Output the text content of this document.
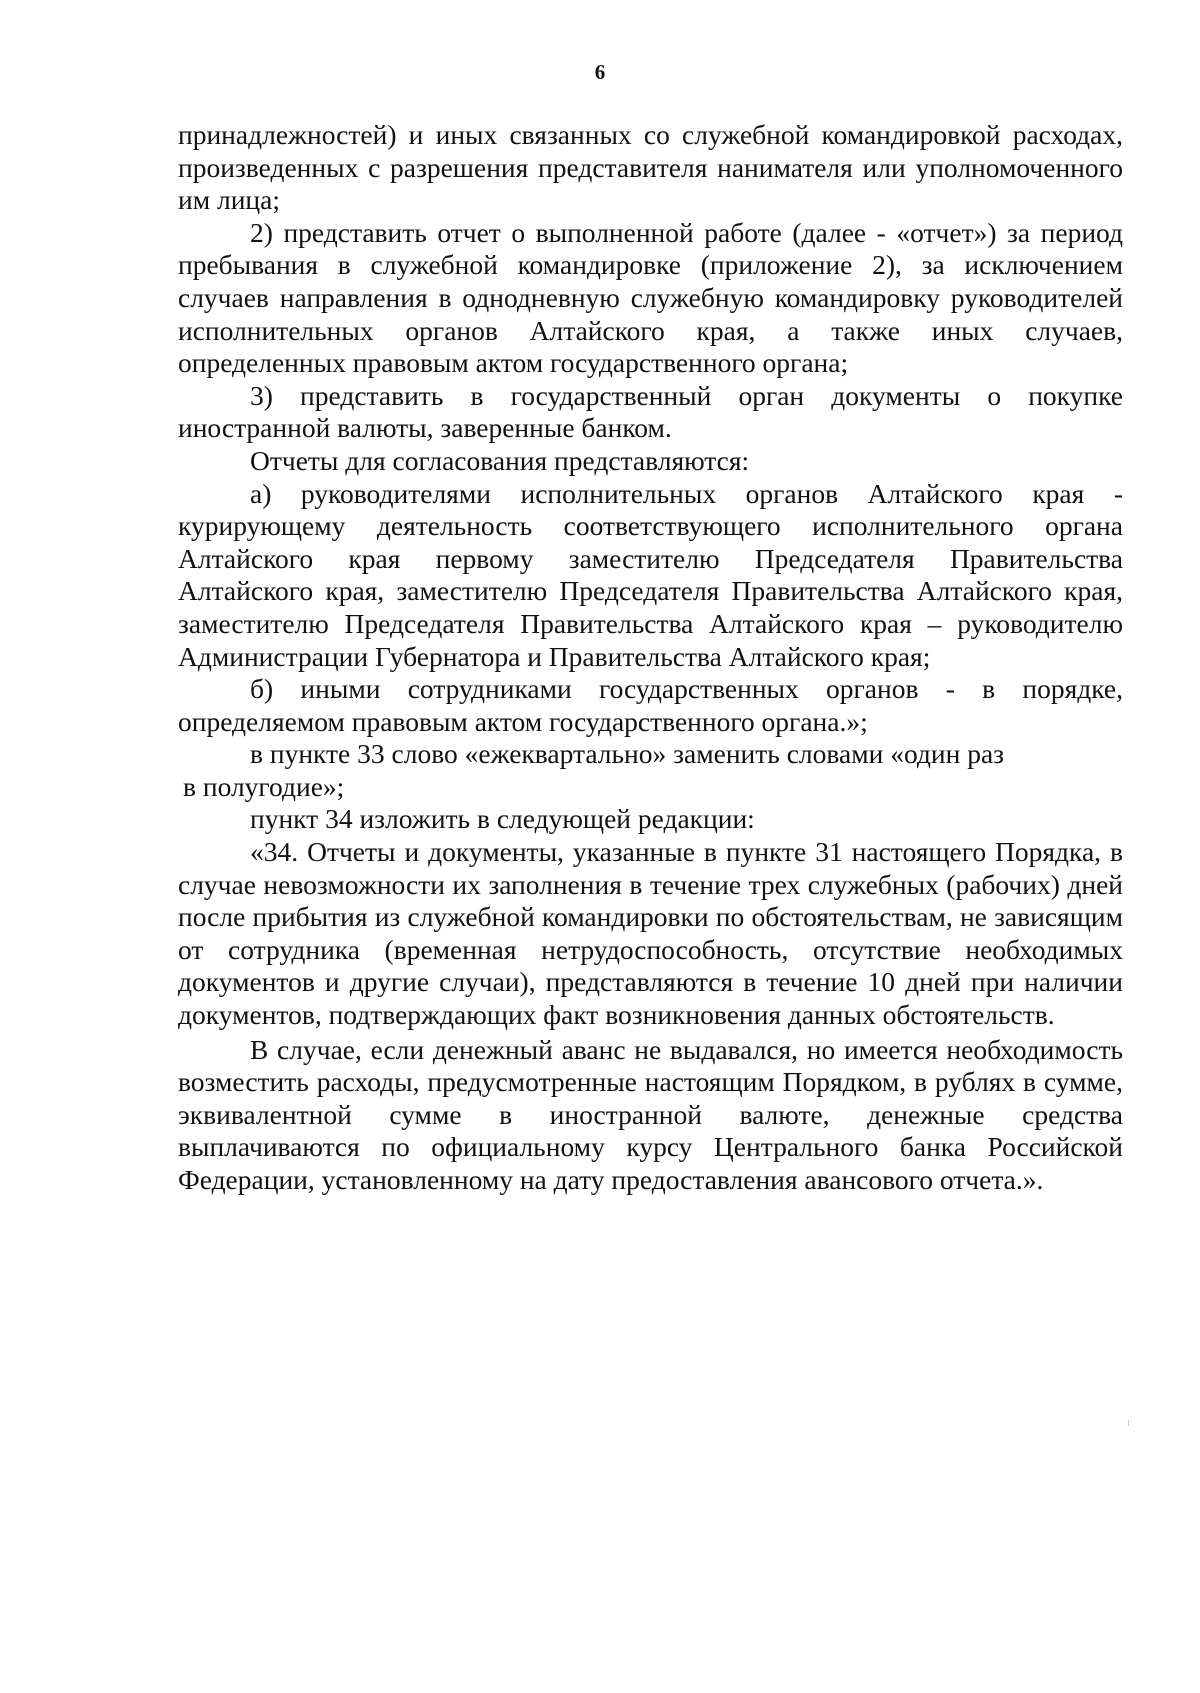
6

принадлежностей) и иных связанных со служебной командировкой расходах, произведенных с разрешения представителя нанимателя или уполномоченного им лица;

2) представить отчет о выполненной работе (далее - «отчет») за период пребывания в служебной командировке (приложение 2), за исключением случаев направления в однодневную служебную командировку руководителей исполнительных органов Алтайского края, а также иных случаев, определенных правовым актом государственного органа;

3) представить в государственный орган документы о покупке иностранной валюты, заверенные банком.

Отчеты для согласования представляются:

а) руководителями исполнительных органов Алтайского края - курирующему деятельность соответствующего исполнительного органа Алтайского края первому заместителю Председателя Правительства Алтайского края, заместителю Председателя Правительства Алтайского края, заместителю Председателя Правительства Алтайского края – руководителю Администрации Губернатора и Правительства Алтайского края;

б) иными сотрудниками государственных органов - в порядке, определяемом правовым актом государственного органа.»;

в пункте 33 слово «ежеквартально» заменить словами «один раз

в полугодие»;

пункт 34 изложить в следующей редакции:

«34. Отчеты и документы, указанные в пункте 31 настоящего Порядка, в случае невозможности их заполнения в течение трех служебных (рабочих) дней после прибытия из служебной командировки по обстоятельствам, не зависящим от сотрудника (временная нетрудоспособность, отсутствие необходимых документов и другие случаи), представляются в течение 10 дней при наличии документов, подтверждающих факт возникновения данных обстоятельств.

В случае, если денежный аванс не выдавался, но имеется необходимость возместить расходы, предусмотренные настоящим Порядком, в рублях в сумме, эквивалентной сумме в иностранной валюте, денежные средства выплачиваются по официальному курсу Центрального банка Российской Федерации, установленному на дату предоставления авансового отчета.».
